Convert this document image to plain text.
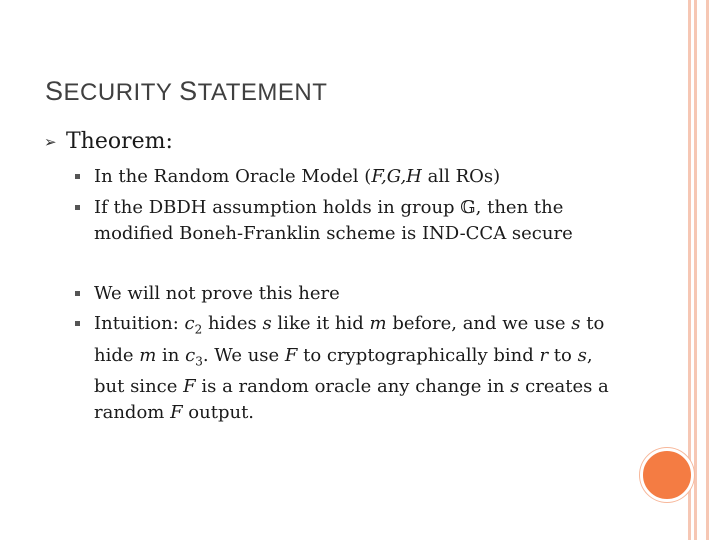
SECURITY STATEMENT
➢ Theorem:
In the Random Oracle Model (F,G,H all ROs)
If the DBDH assumption holds in group 𝔾, then the modified Boneh-Franklin scheme is IND-CCA secure
We will not prove this here
Intuition: $c_2$ hides s like it hid m before, and we use s to hide m in $c_3$. We use F to cryptographically bind r to s, but since F is a random oracle any change in s creates a random F output.
